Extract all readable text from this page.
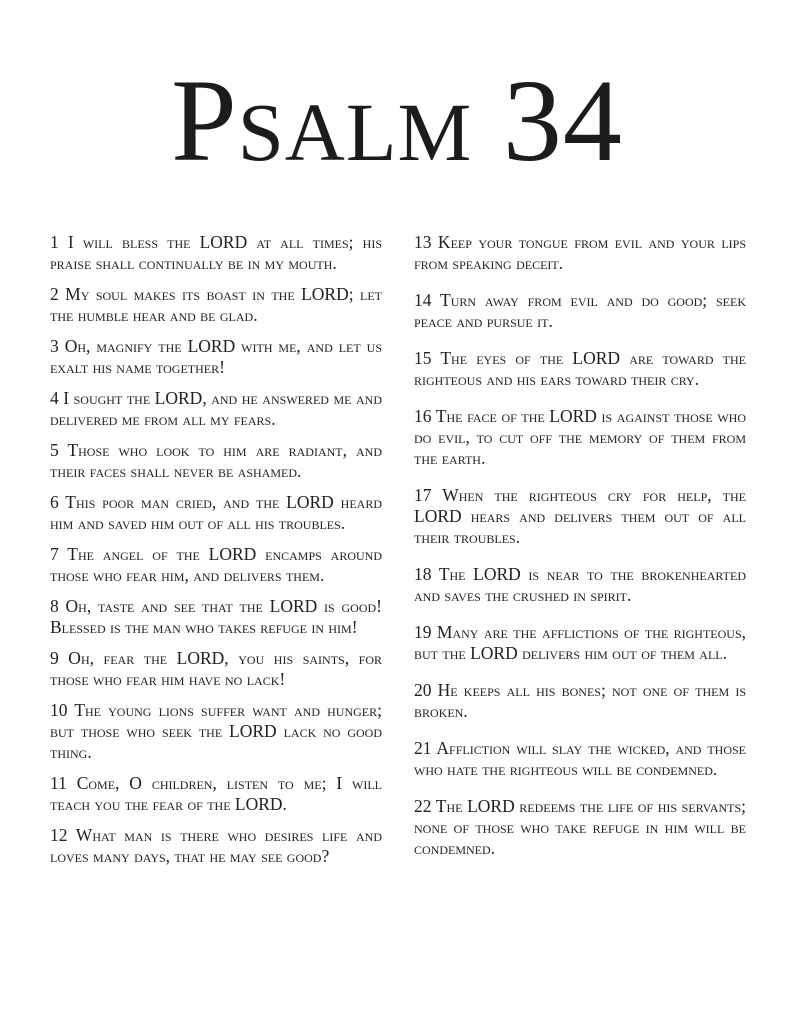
Psalm 34

1 I will bless the LORD at all times; his praise shall continually be in my mouth.

2 My soul makes its boast in the LORD; let the humble hear and be glad.

3 Oh, magnify the LORD with me, and let us exalt his name together!

4 I sought the LORD, and he answered me and delivered me from all my fears.

5 Those who look to him are radiant, and their faces shall never be ashamed.

6 This poor man cried, and the LORD heard him and saved him out of all his troubles.

7 The angel of the LORD encamps around those who fear him, and delivers them.

8 Oh, taste and see that the LORD is good! Blessed is the man who takes refuge in him!

9 Oh, fear the LORD, you his saints, for those who fear him have no lack!

10 The young lions suffer want and hunger; but those who seek the LORD lack no good thing.

11 Come, O children, listen to me; I will teach you the fear of the LORD.

12 What man is there who desires life and loves many days, that he may see good?

13 Keep your tongue from evil and your lips from speaking deceit.

14 Turn away from evil and do good; seek peace and pursue it.

15 The eyes of the LORD are toward the righteous and his ears toward their cry.

16 The face of the LORD is against those who do evil, to cut off the memory of them from the earth.

17 When the righteous cry for help, the LORD hears and delivers them out of all their troubles.

18 The LORD is near to the brokenhearted and saves the crushed in spirit.

19 Many are the afflictions of the righteous, but the LORD delivers him out of them all.

20 He keeps all his bones; not one of them is broken.

21 Affliction will slay the wicked, and those who hate the righteous will be condemned.

22 The LORD redeems the life of his servants; none of those who take refuge in him will be condemned.
